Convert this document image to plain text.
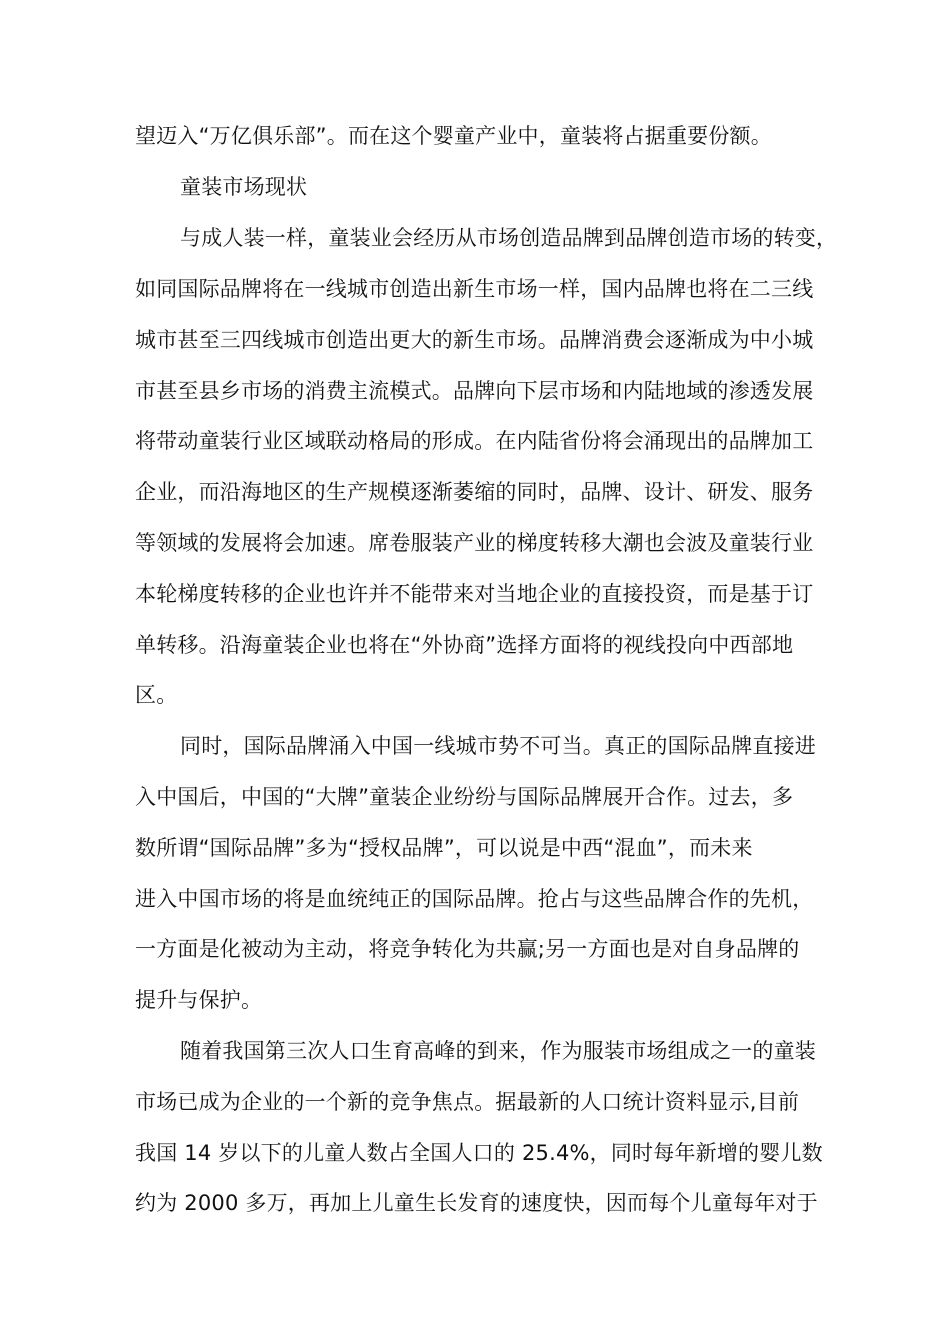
望迈入“万亿俱乐部”。而在这个婴童产业中，童装将占据重要份额。
童装市场现状
与成人装一样，童装业会经历从市场创造品牌到品牌创造市场的转变，
如同国际品牌将在一线城市创造出新生市场一样，国内品牌也将在二三线
城市甚至三四线城市创造出更大的新生市场。品牌消费会逐渐成为中小城
市甚至县乡市场的消费主流模式。品牌向下层市场和内陆地域的渗透发展
将带动童装行业区域联动格局的形成。在内陆省份将会涌现出的品牌加工
企业，而沿海地区的生产规模逐渐萎缩的同时，品牌、设计、研发、服务
等领域的发展将会加速。席卷服装产业的梯度转移大潮也会波及童装行业
本轮梯度转移的企业也许并不能带来对当地企业的直接投资，而是基于订
单转移。沿海童装企业也将在“外协商”选择方面将的视线投向中西部地
区。
同时，国际品牌涌入中国一线城市势不可当。真正的国际品牌直接进
入中国后，中国的“大牌”童装企业纷纷与国际品牌展开合作。过去，多
数所谓“国际品牌”多为“授权品牌”，可以说是中西“混血”，而未来
进入中国市场的将是血统纯正的国际品牌。抢占与这些品牌合作的先机，
一方面是化被动为主动，将竞争转化为共赢;另一方面也是对自身品牌的
提升与保护。
随着我国第三次人口生育高峰的到来，作为服装市场组成之一的童装
市场已成为企业的一个新的竞争焦点。据最新的人口统计资料显示,目前
我国 14 岁以下的儿童人数占全国人口的 25.4%，同时每年新增的婴儿数
约为 2000 多万，再加上儿童生长发育的速度快，因而每个儿童每年对于
